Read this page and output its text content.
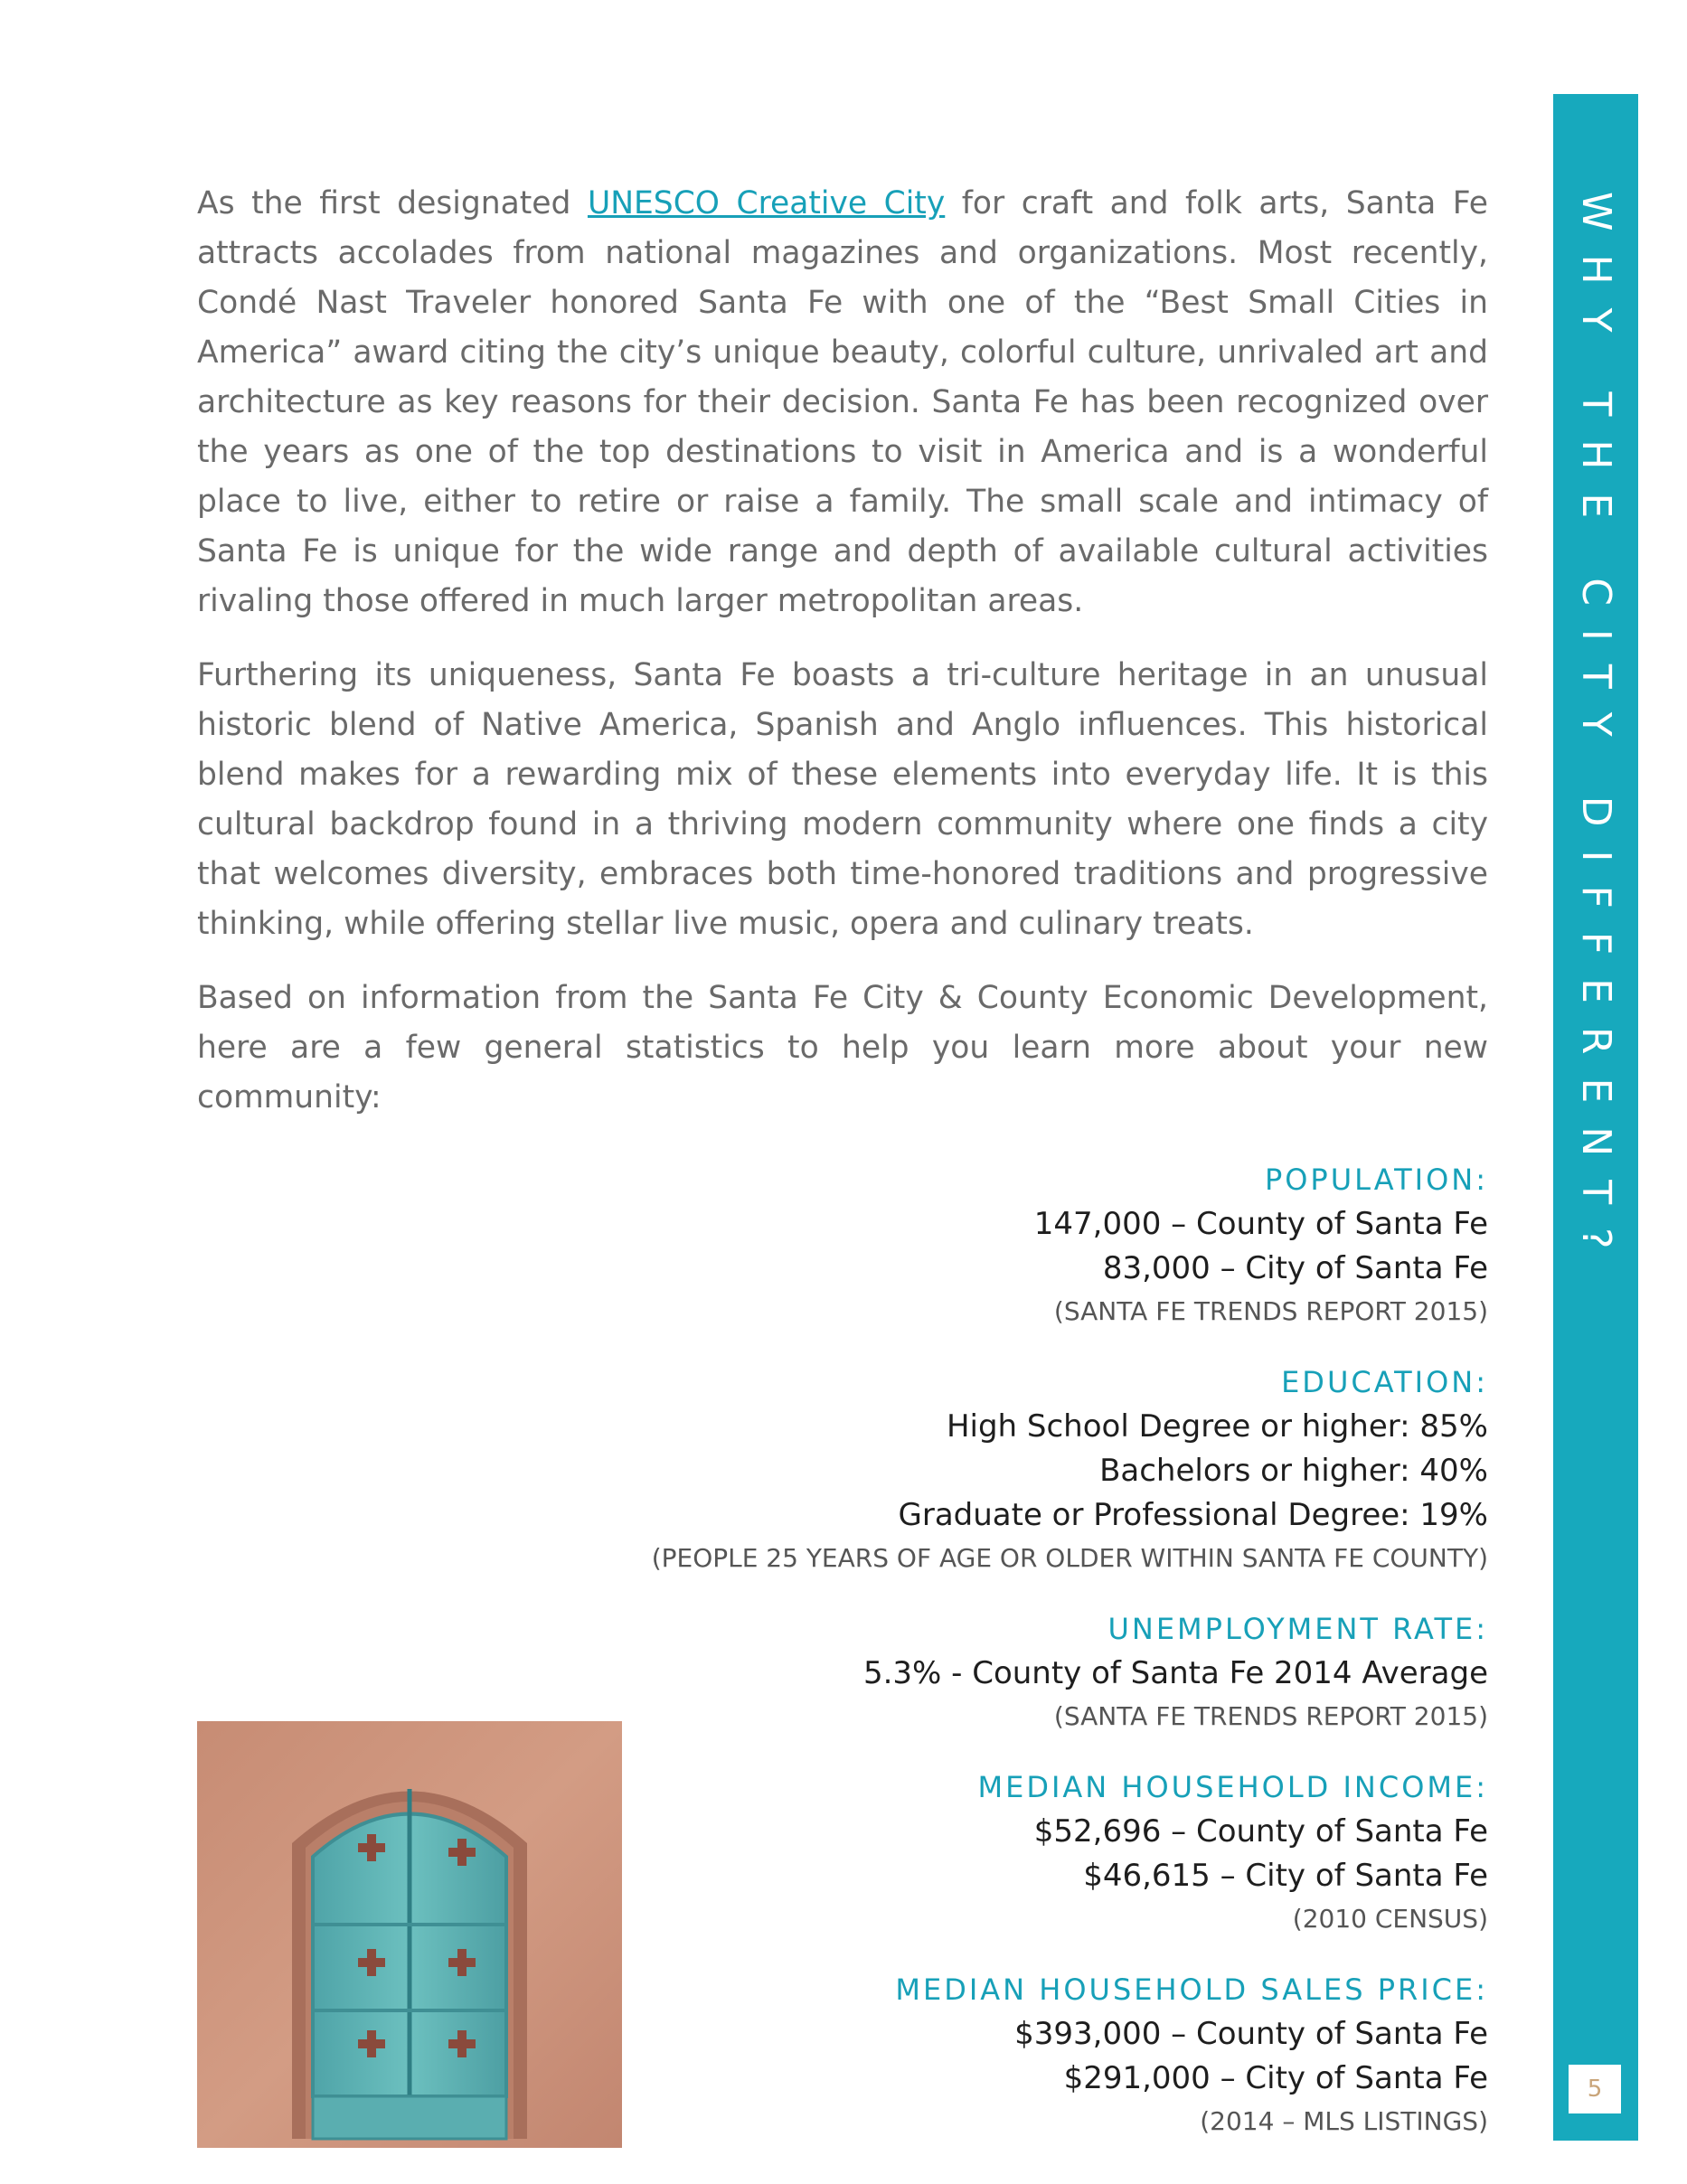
WHY THE CITY DIFFERENT?
5

As the first designated UNESCO Creative City for craft and folk arts, Santa Fe attracts accolades from national magazines and organizations. Most recently, Condé Nast Traveler honored Santa Fe with one of the “Best Small Cities in America” award citing the city’s unique beauty, colorful culture, unrivaled art and architecture as key reasons for their decision. Santa Fe has been recognized over the years as one of the top destinations to visit in America and is a wonderful place to live, either to retire or raise a family. The small scale and intimacy of Santa Fe is unique for the wide range and depth of available cultural activities rivaling those offered in much larger metropolitan areas.

Furthering its uniqueness, Santa Fe boasts a tri-culture heritage in an unusual historic blend of Native America, Spanish and Anglo influences. This historical blend makes for a rewarding mix of these elements into everyday life. It is this cultural backdrop found in a thriving modern community where one finds a city that welcomes diversity, embraces both time-honored traditions and progressive thinking, while offering stellar live music, opera and culinary treats.

Based on information from the Santa Fe City & County Economic Development, here are a few general statistics to help you learn more about your new community:

POPULATION:
147,000 – County of Santa Fe
83,000 – City of Santa Fe
(SANTA FE TRENDS REPORT 2015)
EDUCATION:
High School Degree or higher: 85%
Bachelors or higher: 40%
Graduate or Professional Degree: 19%
(PEOPLE 25 YEARS OF AGE OR OLDER WITHIN SANTA FE COUNTY)
UNEMPLOYMENT RATE:
5.3% - County of Santa Fe 2014 Average
(SANTA FE TRENDS REPORT 2015)
MEDIAN HOUSEHOLD INCOME:
$52,696 – County of Santa Fe
$46,615 – City of Santa Fe
(2010 CENSUS)
MEDIAN HOUSEHOLD SALES PRICE:
$393,000 – County of Santa Fe
$291,000 – City of Santa Fe
(2014 – MLS LISTINGS)
